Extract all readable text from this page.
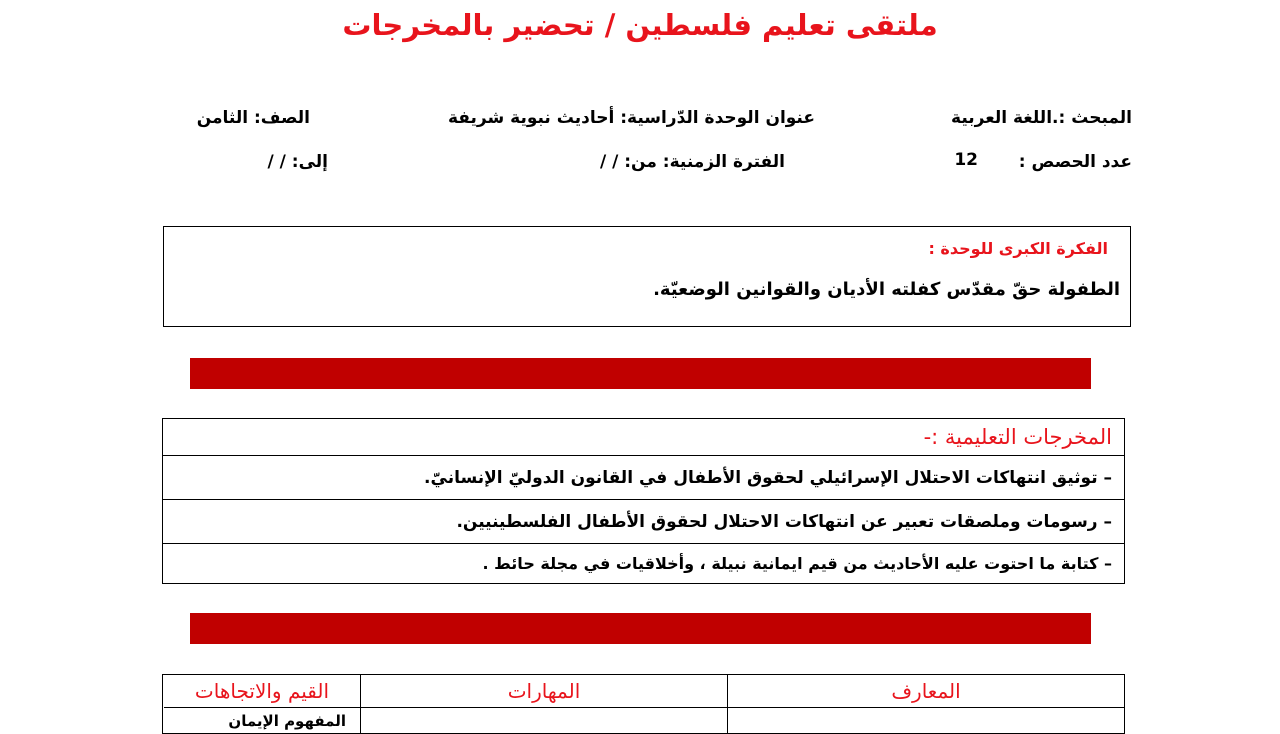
ملتقى تعليم فلسطين / تحضير بالمخرجات
المبحث :.اللغة العربية
عنوان الوحدة الدّراسية: أحاديث نبوية شريفة
الصف: الثامن
عدد الحصص :
12
الفترة الزمنية: من: / /
إلى: / /
الفكرة الكبرى للوحدة :
الطفولة حقّ مقدّس كفلته الأديان والقوانين الوضعيّة.
المخرجات التعليمية :-
– توثيق انتهاكات الاحتلال الإسرائيلي لحقوق الأطفال في القانون الدوليّ الإنسانيّ.
– رسومات وملصقات تعبير عن انتهاكات الاحتلال لحقوق الأطفال الفلسطينيين.
– كتابة ما احتوت عليه الأحاديث من قيم ايمانية نبيلة ، وأخلاقيات في مجلة حائط .
المعارف
المهارات
القيم والاتجاهات
المفهوم الإيمان
